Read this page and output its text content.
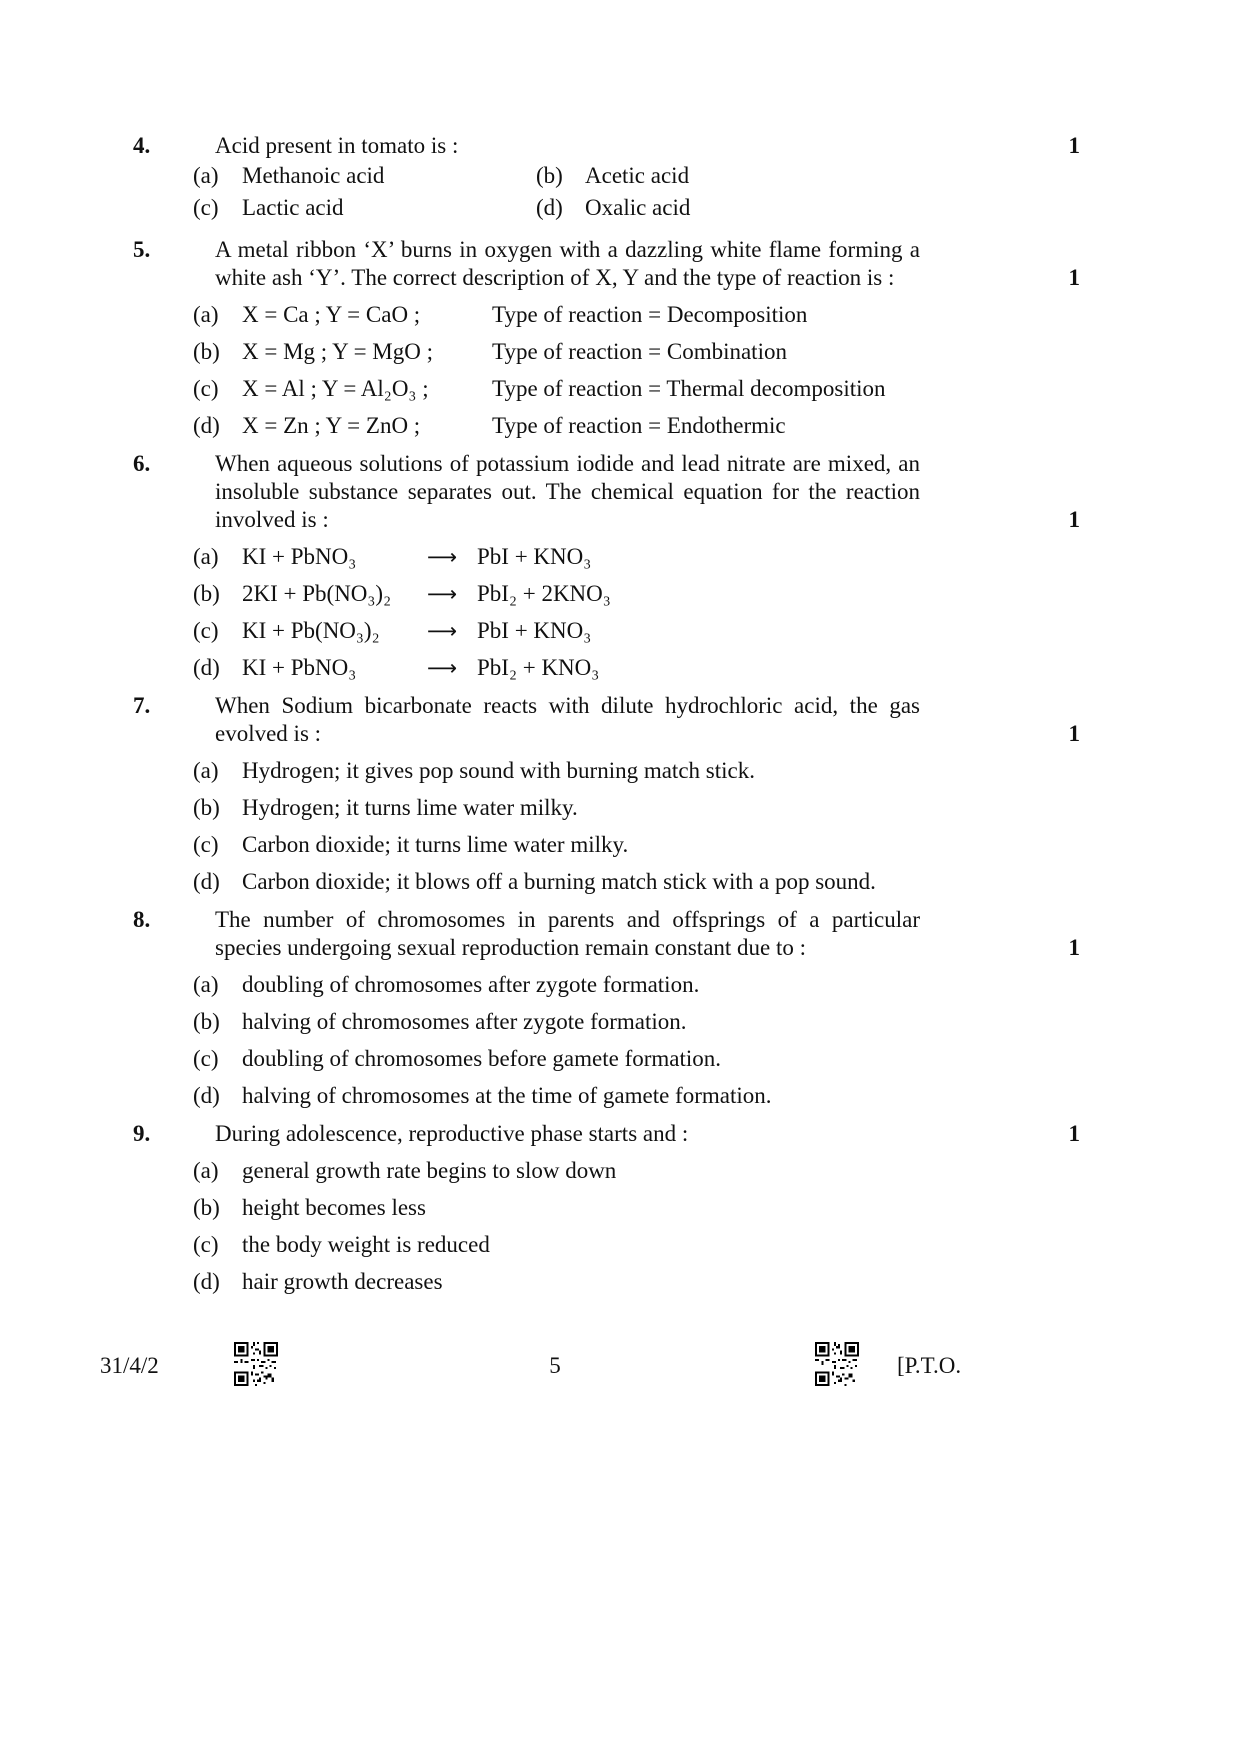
4.	Acid present in tomato is :	1
(a)	Methanoic acid	(b) Acetic acid
(c)	Lactic acid	(d) Oxalic acid
5.	A metal ribbon ‘X’ burns in oxygen with a dazzling white flame forming a white ash ‘Y’. The correct description of X, Y and the type of reaction is :	1
(a)	X = Ca ; Y = CaO ;	Type of reaction = Decomposition
(b) X = Mg ; Y = MgO ;	Type of reaction = Combination
(c)	X = Al ; Y = Al₂O₃ ;	Type of reaction = Thermal decomposition
(d) X = Zn ; Y = ZnO ;	Type of reaction = Endothermic
6.	When aqueous solutions of potassium iodide and lead nitrate are mixed, an insoluble substance separates out. The chemical equation for the reaction involved is :	1
(a)	KI + PbNO₃	⟶ PbI + KNO₃
(b) 2KI + Pb(NO₃)₂	⟶ PbI₂ + 2KNO₃
(c)	KI + Pb(NO₃)₂	⟶ PbI + KNO₃
(d) KI + PbNO₃	⟶ PbI₂ + KNO₃
7.	When Sodium bicarbonate reacts with dilute hydrochloric acid, the gas evolved is :	1
(a)	Hydrogen; it gives pop sound with burning match stick.
(b) Hydrogen; it turns lime water milky.
(c)	Carbon dioxide; it turns lime water milky.
(d) Carbon dioxide; it blows off a burning match stick with a pop sound.
8.	The number of chromosomes in parents and offsprings of a particular species undergoing sexual reproduction remain constant due to :	1
(a)	doubling of chromosomes after zygote formation.
(b) halving of chromosomes after zygote formation.
(c)	doubling of chromosomes before gamete formation.
(d) halving of chromosomes at the time of gamete formation.
9.	During adolescence, reproductive phase starts and :	1
(a)	general growth rate begins to slow down
(b) height becomes less
(c)	the body weight is reduced
(d) hair growth decreases
31/4/2	5	[P.T.O.
